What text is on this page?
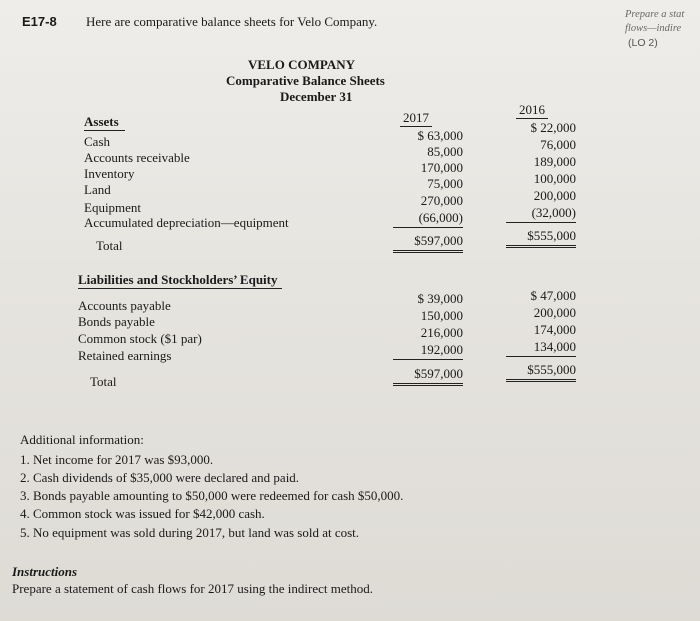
E17-8 Here are comparative balance sheets for Velo Company.	Prepare a stat
flows—indire
(LO 2)
VELO COMPANY
Comparative Balance Sheets
December 31
2017
2016
Assets
Cash
Accounts receivable
Inventory
Land
Equipment
Accumulated depreciation—equipment
Total
$ 63,000
85,000
170,000
75,000
270,000
(66,000)
$597,000
$ 22,000
76,000
189,000
100,000
200,000
(32,000)
$555,000
Liabilities and Stockholders’ Equity
Accounts payable
Bonds payable
Common stock ($1 par)
Retained earnings
Total
$ 39,000
150,000
216,000
192,000
$597,000
$ 47,000
200,000
174,000
134,000
$555,000
Additional information:
1. Net income for 2017 was $93,000.
2. Cash dividends of $35,000 were declared and paid.
3. Bonds payable amounting to $50,000 were redeemed for cash $50,000.
4. Common stock was issued for $42,000 cash.
5. No equipment was sold during 2017, but land was sold at cost.
Instructions
Prepare a statement of cash flows for 2017 using the indirect method.
